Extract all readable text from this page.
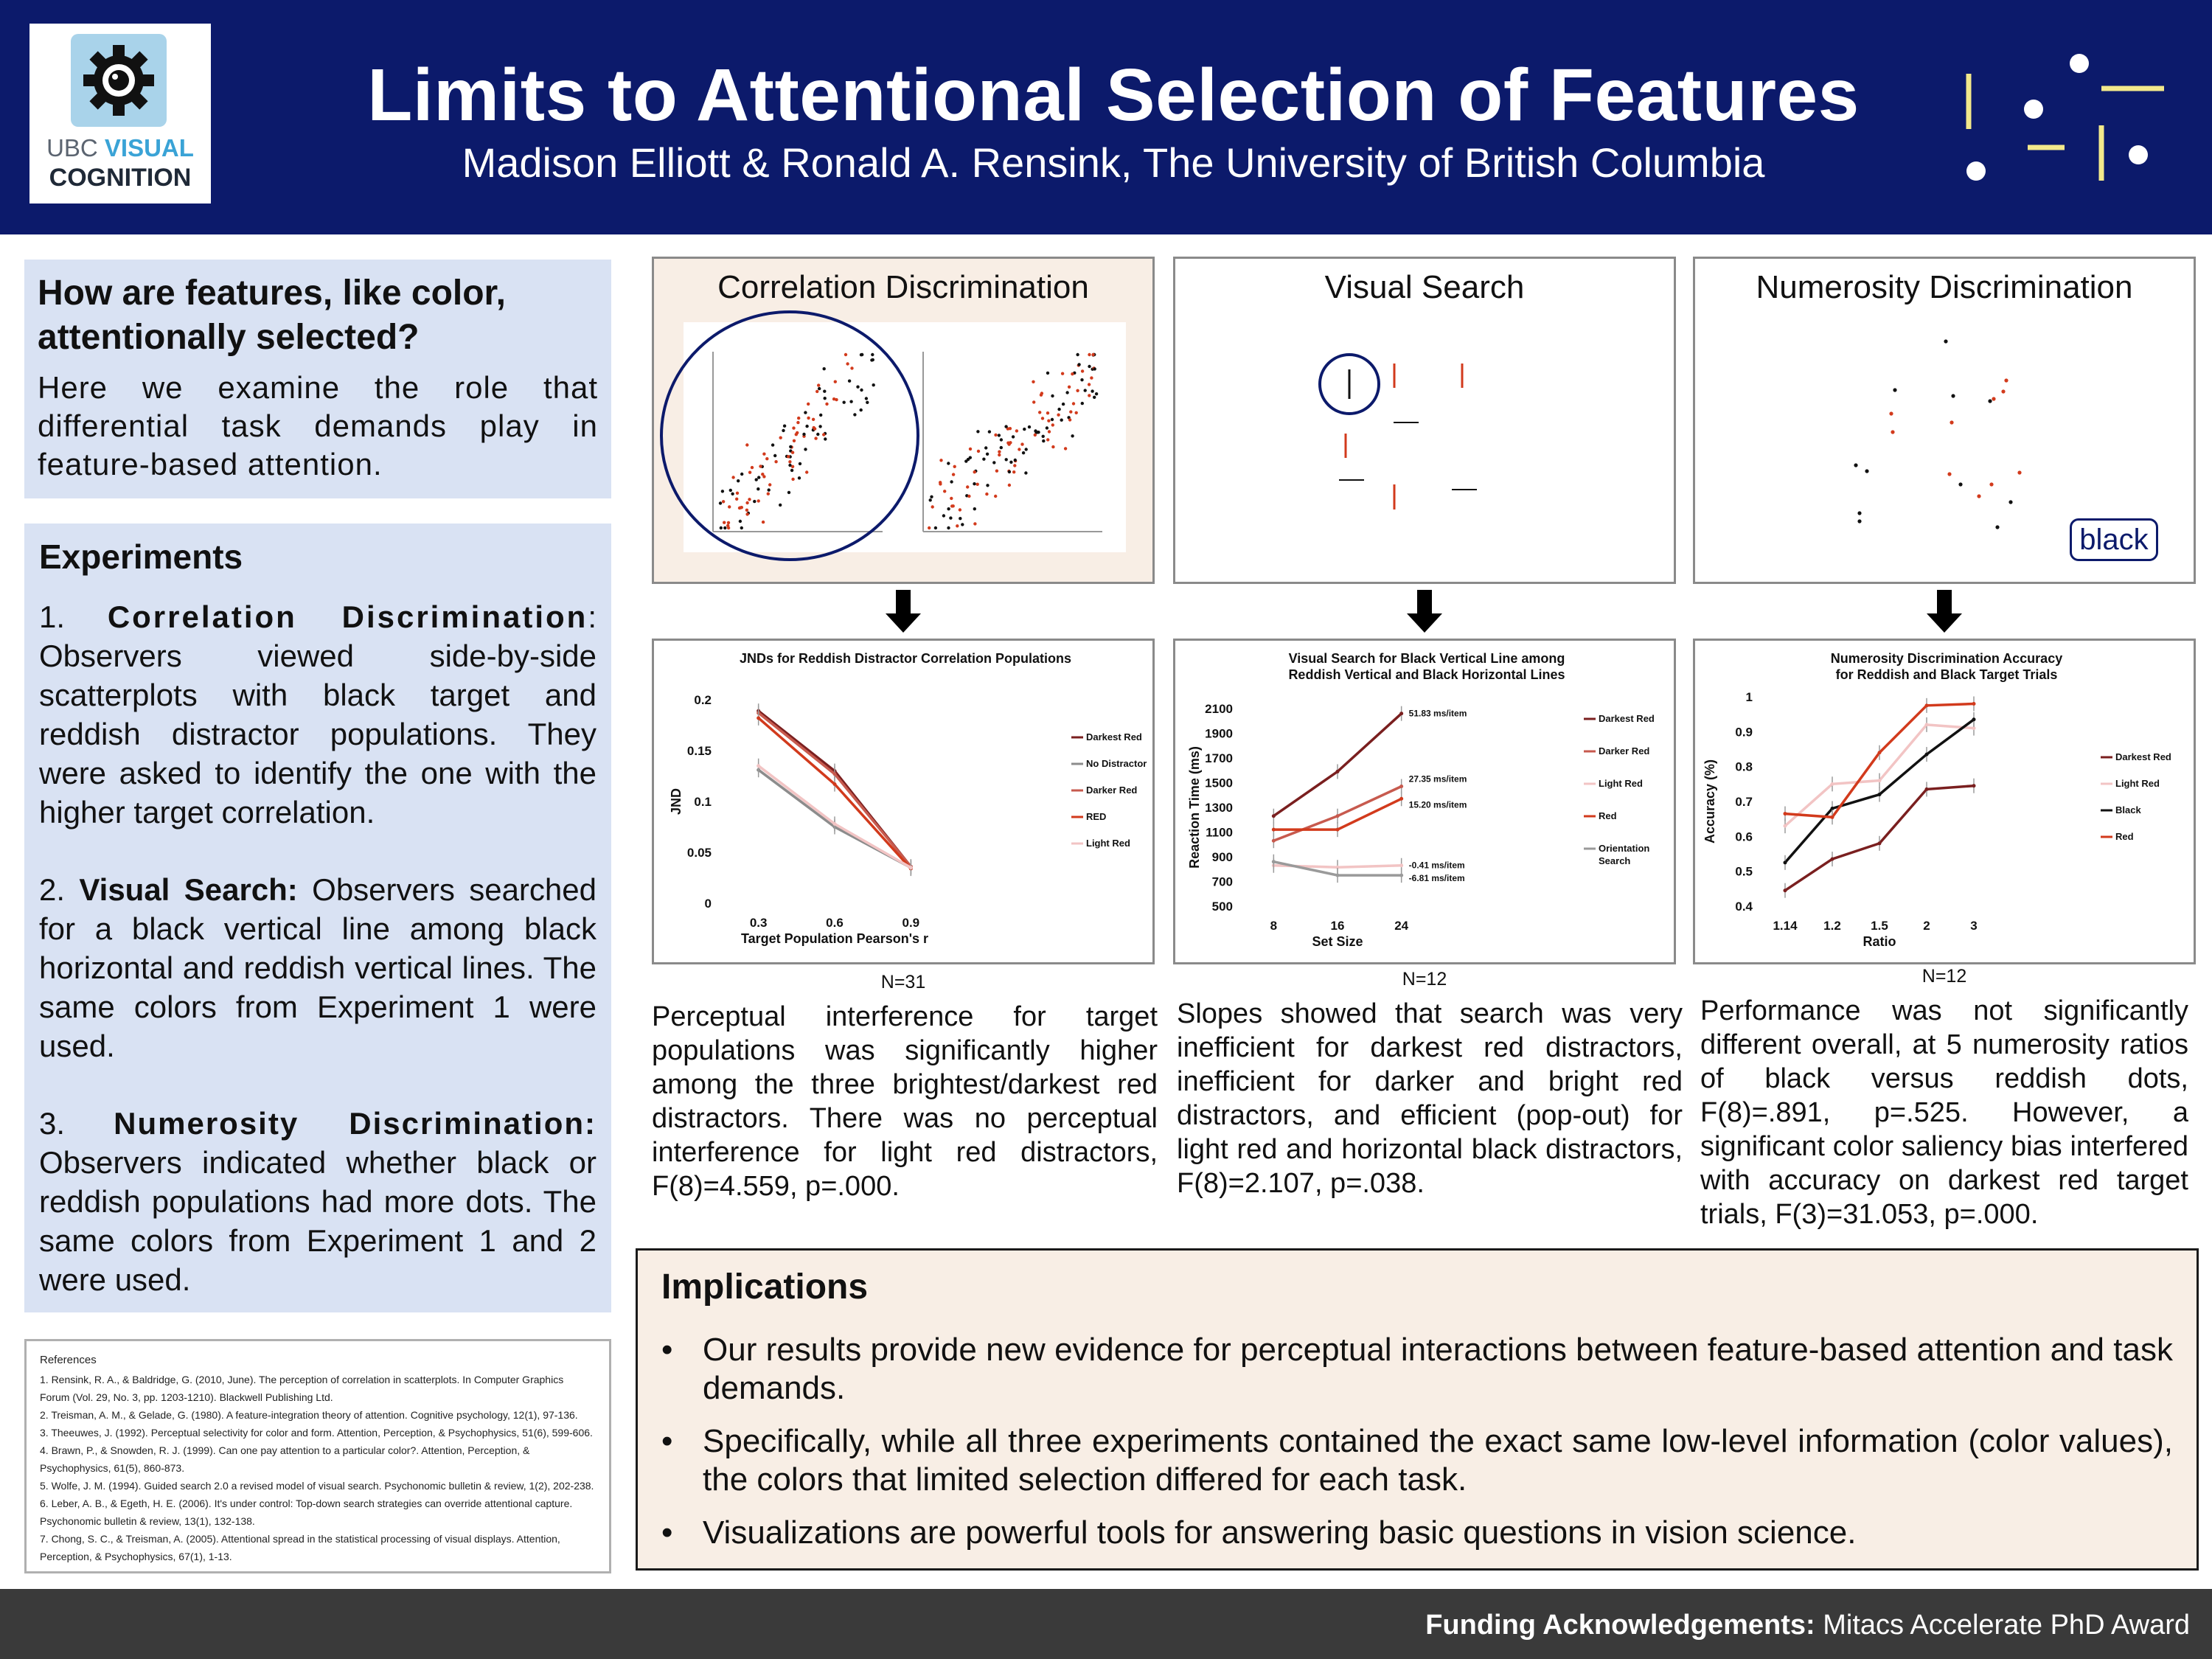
UBC VISUAL
COGNITION
Limits to Attentional Selection of Features
Madison Elliott & Ronald A. Rensink, The University of British Columbia
How are features, like color, attentionally selected?
Here we examine the role that differential task demands play in feature-based attention.
Experiments
1. Correlation Discrimination: Observers viewed side-by-side scatterplots with black target and reddish distractor populations. They were asked to identify the one with the higher target correlation.
2. Visual Search: Observers searched for a black vertical line among black horizontal and reddish vertical lines. The same colors from Experiment 1 were used.
3. Numerosity Discrimination: Observers indicated whether black or reddish populations had more dots. The same colors from Experiment 1 and 2 were used.
References
1. Rensink, R. A., & Baldridge, G. (2010, June). The perception of correlation in scatterplots. In Computer Graphics Forum (Vol. 29, No. 3, pp. 1203-1210). Blackwell Publishing Ltd.
2. Treisman, A. M., & Gelade, G. (1980). A feature-integration theory of attention. Cognitive psychology, 12(1), 97-136.
3. Theeuwes, J. (1992). Perceptual selectivity for color and form. Attention, Perception, & Psychophysics, 51(6), 599-606.
4. Brawn, P., & Snowden, R. J. (1999). Can one pay attention to a particular color?. Attention, Perception, & Psychophysics, 61(5), 860-873.
5. Wolfe, J. M. (1994). Guided search 2.0 a revised model of visual search. Psychonomic bulletin & review, 1(2), 202-238.
6. Leber, A. B., & Egeth, H. E. (2006). It's under control: Top-down search strategies can override attentional capture. Psychonomic bulletin & review, 13(1), 132-138.
7. Chong, S. C., & Treisman, A. (2005). Attentional spread in the statistical processing of visual displays. Attention, Perception, & Psychophysics, 67(1), 1-13.
Correlation Discrimination	Visual Search	Numerosity Discrimination
black
JNDs for Reddish Distractor Correlation Populations
0
0.05
0.1
0.15
0.2
0.3	0.6	0.9
Target Population Pearson's r
JND
Darkest Red
No Distractor
Darker Red
RED
Light Red
Visual Search for Black Vertical Line among
Reddish Vertical and Black Horizontal Lines
500
700
900
1100
1300
1500
1700
1900
2100
8	16	24
Set Size
Reaction Time (ms)
51.83 ms/item	Darkest Red
27.35 ms/item
Darker Red
-0.41 ms/item
Light Red
15.20 ms/item
Red
-6.81 ms/item
Orientation
Search
Numerosity Discrimination Accuracy
for Reddish and Black Target Trials
0.4
0.5
0.6
0.7
0.8
0.9
1
1.14 1.2 1.5	2	3
Ratio
Accuracy (%)
Darkest Red
Light Red
Black
Red
N=31	N=12	N=12
Perceptual interference for target populations was significantly higher among the three brightest/darkest red distractors. There was no perceptual interference for light red distractors, F(8)=4.559, p=.000.
Slopes showed that search was very inefficient for darkest red distractors, inefficient for darker and bright red distractors, and efficient (pop-out) for light red and horizontal black distractors, F(8)=2.107, p=.038.
Performance was not significantly different overall, at 5 numerosity ratios of black versus reddish dots, F(8)=.891, p=.525. However, a significant color saliency bias interfered with accuracy on darkest red target trials, F(3)=31.053, p=.000.
Implications
• Our results provide new evidence for perceptual interactions between feature-based attention and task demands.
• Specifically, while all three experiments contained the exact same low-level information (color values), the colors that limited selection differed for each task.
• Visualizations are powerful tools for answering basic questions in vision science.
Funding Acknowledgements: Mitacs Accelerate PhD Award
